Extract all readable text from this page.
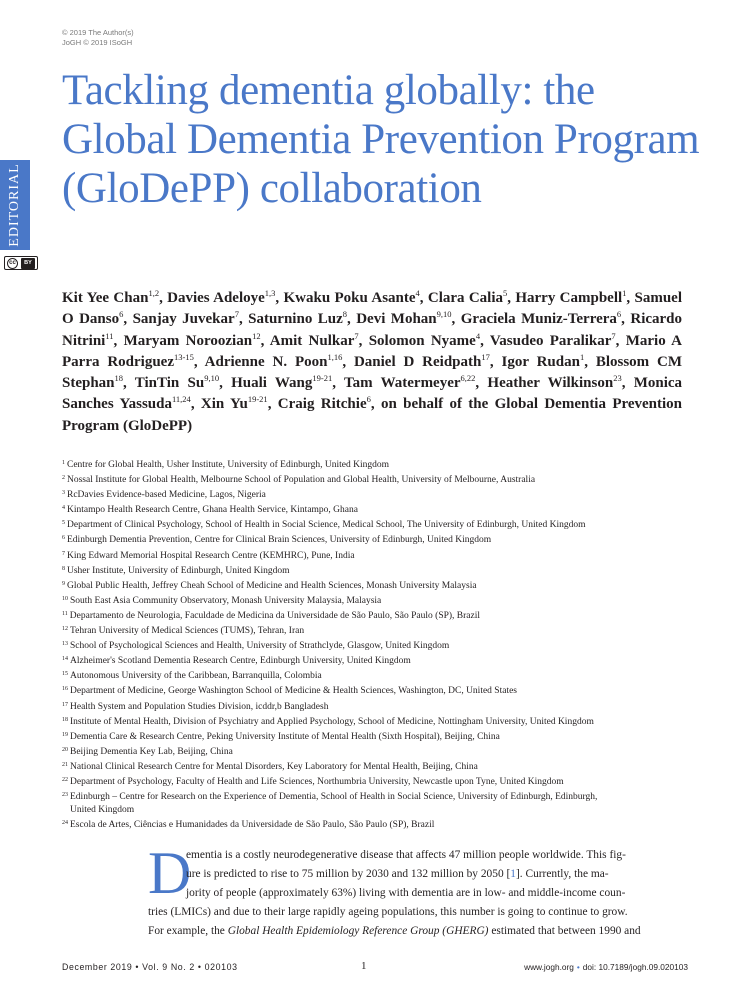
© 2019 The Author(s)
JoGH © 2019 ISoGH
EDITORIAL
cc	BY
Tackling dementia globally: the Global Dementia Prevention Program (GloDePP) collaboration
Kit Yee Chan$^{1,2}$, Davies Adeloye$^{1,3}$, Kwaku Poku Asante$^4$, Clara Calia$^5$, Harry Campbell$^1$, Samuel O Danso$^6$, Sanjay Juvekar$^7$, Saturnino Luz$^8$, Devi Mohan$^{9,10}$, Graciela Muniz-Terrera$^6$, Ricardo Nitrini$^{11}$, Maryam Noroozian$^{12}$, Amit Nulkar$^7$, Solomon Nyame$^4$, Vasudeo Paralikar$^7$, Mario A Parra Rodriguez$^{13-15}$, Adrienne N. Poon$^{1,16}$, Daniel D Reidpath$^{17}$, Igor Rudan$^1$, Blossom CM Stephan$^{18}$, TinTin Su$^{9,10}$, Huali Wang$^{19-21}$, Tam Watermeyer$^{6,22}$, Heather Wilkinson$^{23}$, Monica Sanches Yassuda$^{11,24}$, Xin Yu$^{19-21}$, Craig Ritchie$^6$, on behalf of the Global Dementia Prevention Program (GloDePP)
$^1$ Centre for Global Health, Usher Institute, University of Edinburgh, United Kingdom
$^2$ Nossal Institute for Global Health, Melbourne School of Population and Global Health, University of Melbourne, Australia
$^3$ RcDavies Evidence-based Medicine, Lagos, Nigeria
$^4$ Kintampo Health Research Centre, Ghana Health Service, Kintampo, Ghana
$^5$ Department of Clinical Psychology, School of Health in Social Science, Medical School, The University of Edinburgh, United Kingdom
$^6$ Edinburgh Dementia Prevention, Centre for Clinical Brain Sciences, University of Edinburgh, United Kingdom
$^7$ King Edward Memorial Hospital Research Centre (KEMHRC), Pune, India
$^8$ Usher Institute, University of Edinburgh, United Kingdom
$^9$ Global Public Health, Jeffrey Cheah School of Medicine and Health Sciences, Monash University Malaysia
$^{10}$ South East Asia Community Observatory, Monash University Malaysia, Malaysia
$^{11}$ Departamento de Neurologia, Faculdade de Medicina da Universidade de São Paulo, São Paulo (SP), Brazil
$^{12}$ Tehran University of Medical Sciences (TUMS), Tehran, Iran
$^{13}$ School of Psychological Sciences and Health, University of Strathclyde, Glasgow, United Kingdom
$^{14}$ Alzheimer's Scotland Dementia Research Centre, Edinburgh University, United Kingdom
$^{15}$ Autonomous University of the Caribbean, Barranquilla, Colombia
$^{16}$ Department of Medicine, George Washington School of Medicine & Health Sciences, Washington, DC, United States
$^{17}$ Health System and Population Studies Division, icddr,b Bangladesh
$^{18}$ Institute of Mental Health, Division of Psychiatry and Applied Psychology, School of Medicine, Nottingham University, United Kingdom
$^{19}$ Dementia Care & Research Centre, Peking University Institute of Mental Health (Sixth Hospital), Beijing, China
$^{20}$ Beijing Dementia Key Lab, Beijing, China
$^{21}$ National Clinical Research Centre for Mental Disorders, Key Laboratory for Mental Health, Beijing, China
$^{22}$ Department of Psychology, Faculty of Health and Life Sciences, Northumbria University, Newcastle upon Tyne, United Kingdom
$^{23}$ Edinburgh – Centre for Research on the Experience of Dementia, School of Health in Social Science, University of Edinburgh, Edinburgh,
United Kingdom
$^{24}$ Escola de Artes, Ciências e Humanidades da Universidade de São Paulo, São Paulo (SP), Brazil
D
ementia is a costly neurodegenerative disease that affects 47 million people worldwide. This fig-
ure is predicted to rise to 75 million by 2030 and 132 million by 2050 [1]. Currently, the ma-
jority of people (approximately 63%) living with dementia are in low- and middle-income coun-
tries (LMICs) and due to their large rapidly ageing populations, this number is going to continue to grow.
For example, the Global Health Epidemiology Reference Group (GHERG) estimated that between 1990 and
December 2019 • Vol. 9 No. 2 • 020103	1	www.jogh.org • doi: 10.7189/jogh.09.020103
